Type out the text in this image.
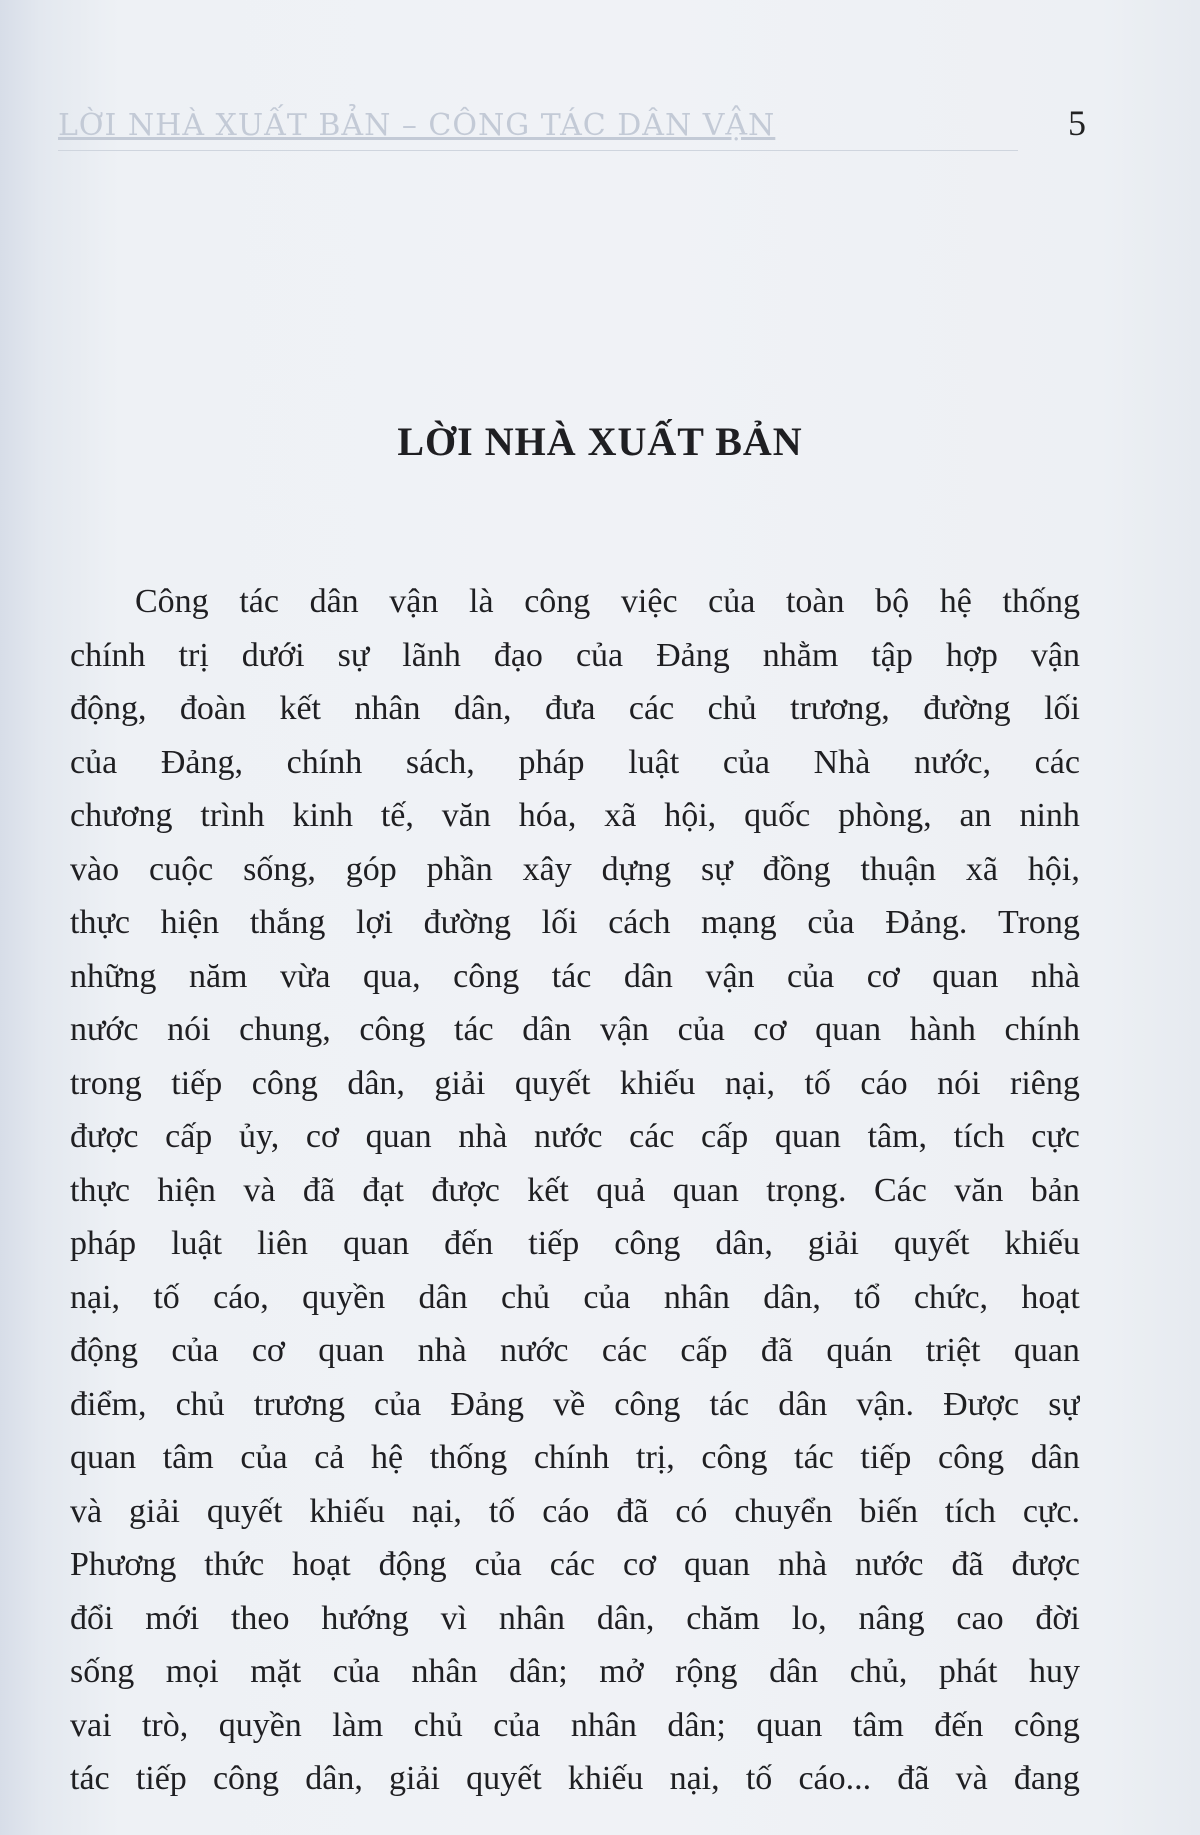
LỜI NHÀ XUẤT BẢN – CÔNG TÁC DÂN VẬN	5
LỜI NHÀ XUẤT BẢN
Công tác dân vận là công việc của toàn bộ hệ thống
chính trị dưới sự lãnh đạo của Đảng nhằm tập hợp vận
động, đoàn kết nhân dân, đưa các chủ trương, đường lối
của Đảng, chính sách, pháp luật của Nhà nước, các
chương trình kinh tế, văn hóa, xã hội, quốc phòng, an ninh
vào cuộc sống, góp phần xây dựng sự đồng thuận xã hội,
thực hiện thắng lợi đường lối cách mạng của Đảng. Trong
những năm vừa qua, công tác dân vận của cơ quan nhà
nước nói chung, công tác dân vận của cơ quan hành chính
trong tiếp công dân, giải quyết khiếu nại, tố cáo nói riêng
được cấp ủy, cơ quan nhà nước các cấp quan tâm, tích cực
thực hiện và đã đạt được kết quả quan trọng. Các văn bản
pháp luật liên quan đến tiếp công dân, giải quyết khiếu
nại, tố cáo, quyền dân chủ của nhân dân, tổ chức, hoạt
động của cơ quan nhà nước các cấp đã quán triệt quan
điểm, chủ trương của Đảng về công tác dân vận. Được sự
quan tâm của cả hệ thống chính trị, công tác tiếp công dân
và giải quyết khiếu nại, tố cáo đã có chuyển biến tích cực.
Phương thức hoạt động của các cơ quan nhà nước đã được
đổi mới theo hướng vì nhân dân, chăm lo, nâng cao đời
sống mọi mặt của nhân dân; mở rộng dân chủ, phát huy
vai trò, quyền làm chủ của nhân dân; quan tâm đến công
tác tiếp công dân, giải quyết khiếu nại, tố cáo... đã và đang
